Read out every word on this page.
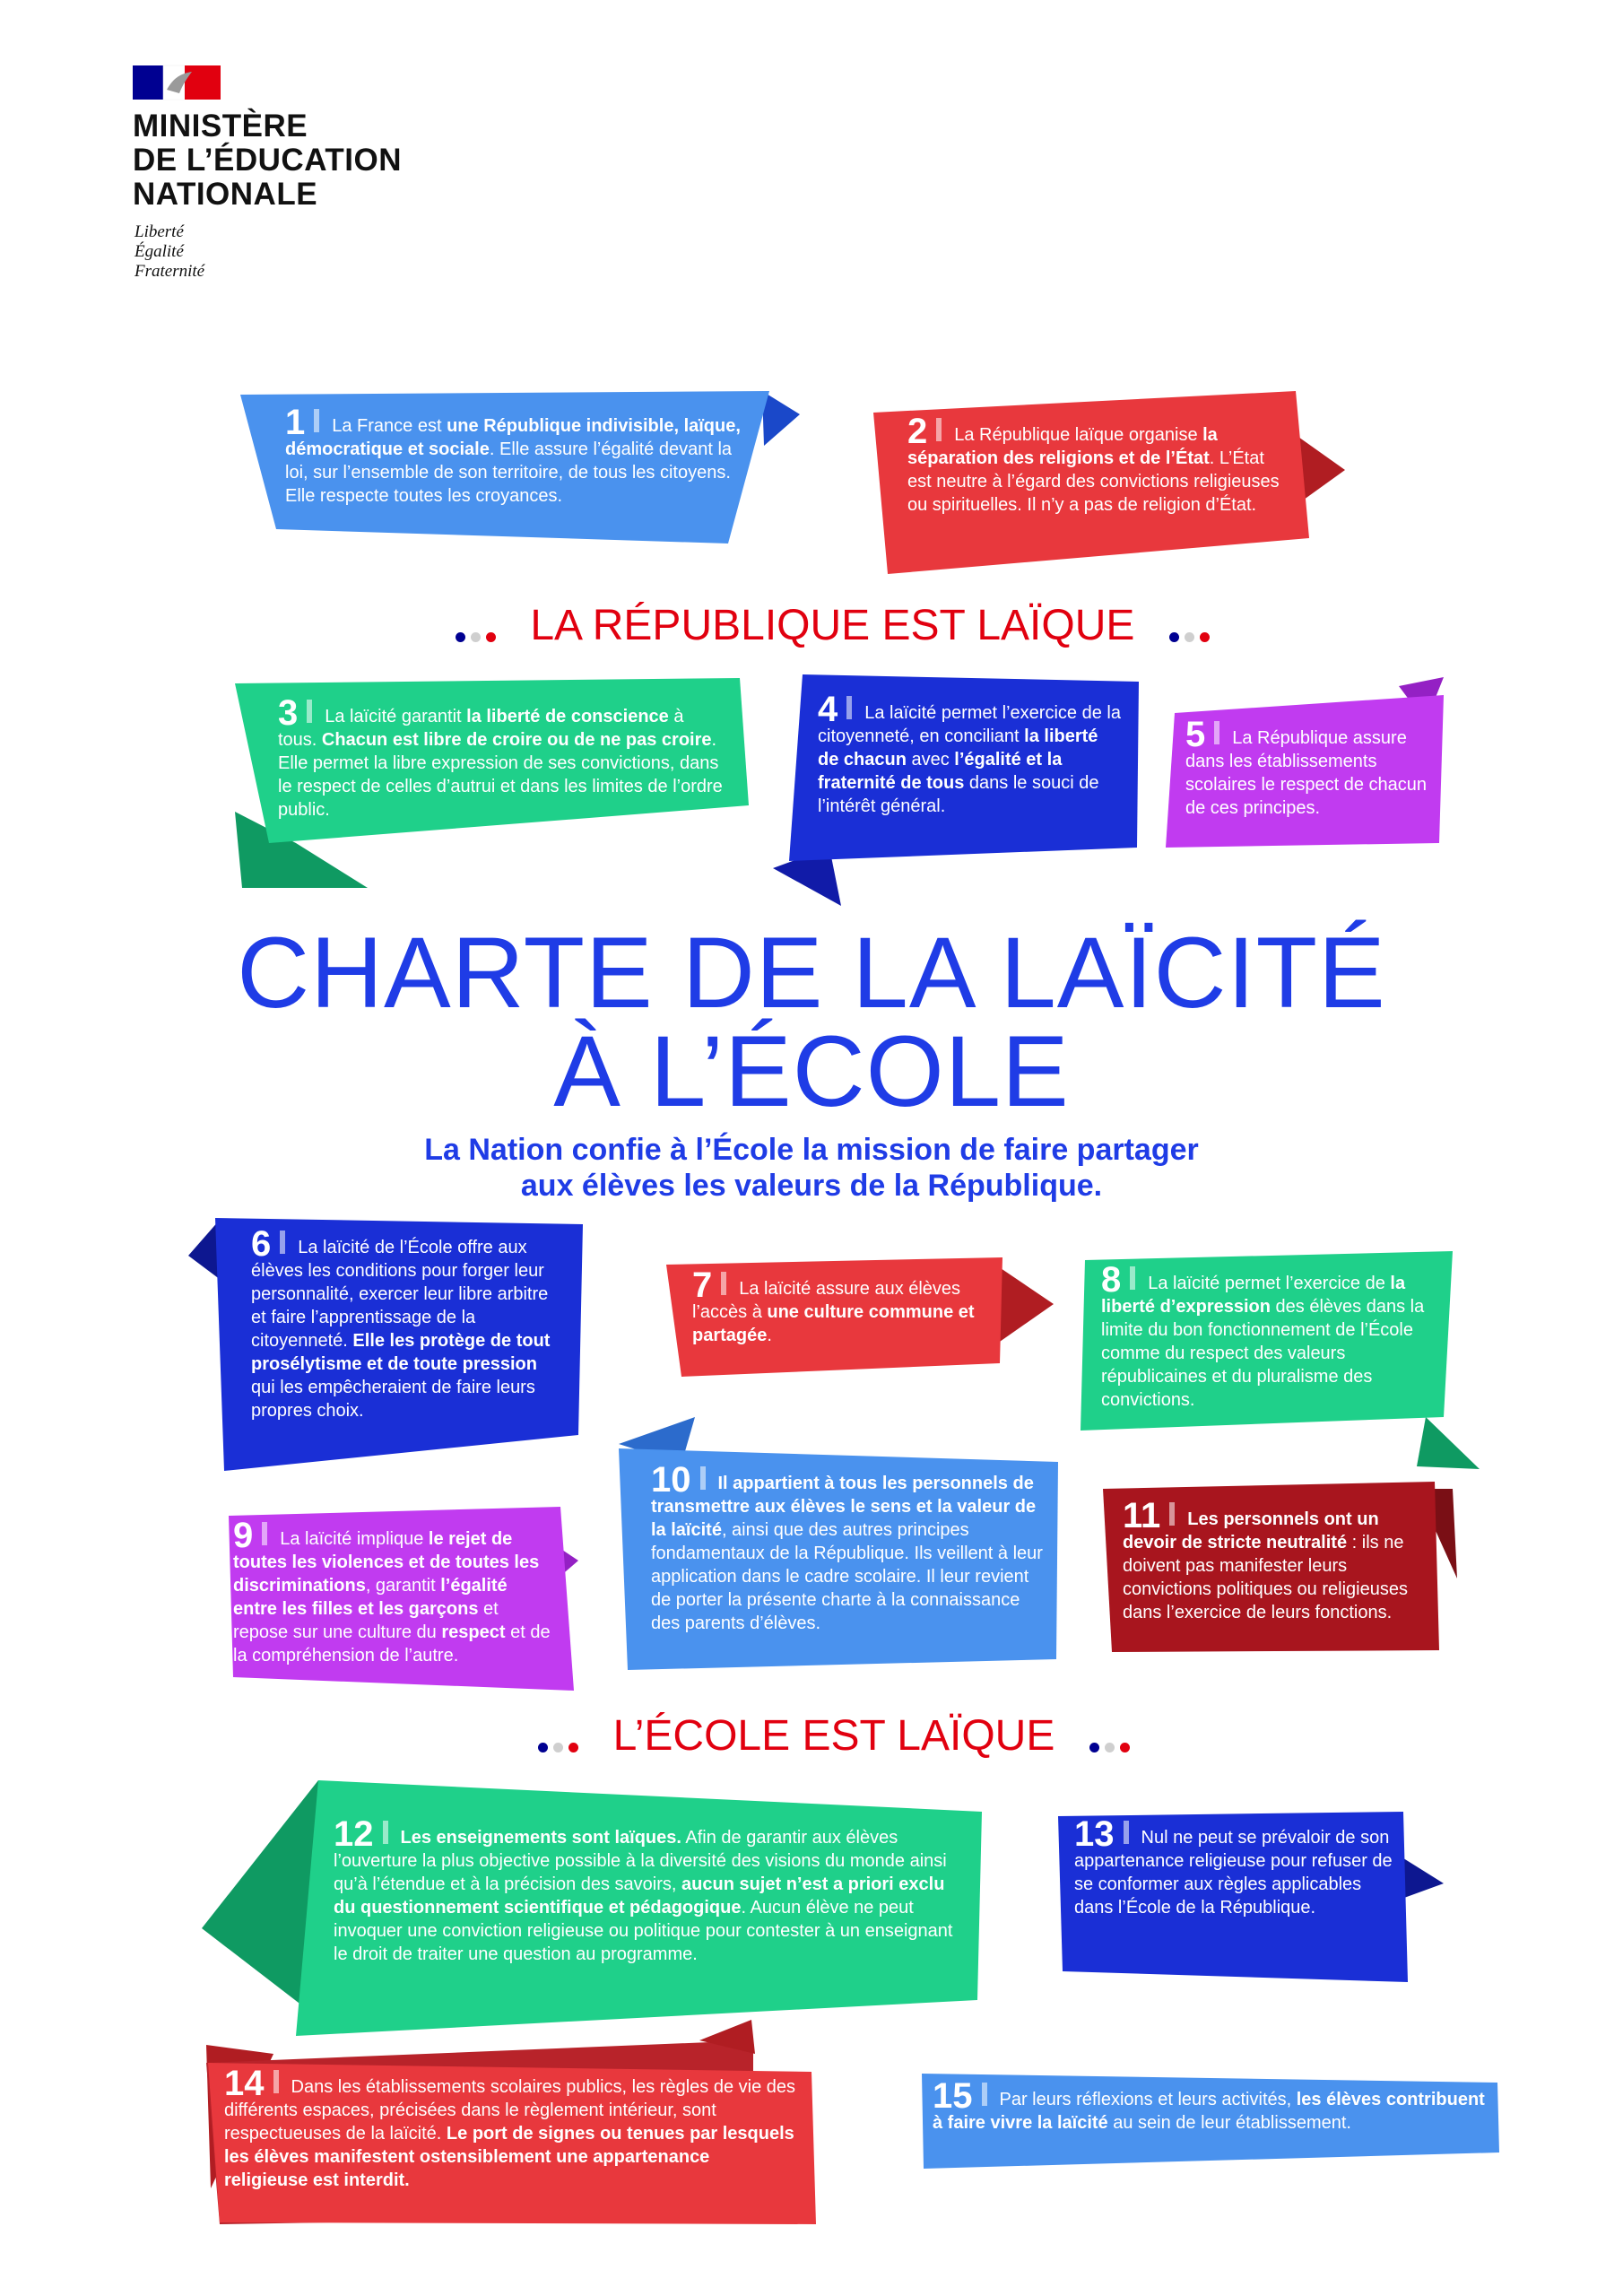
MINISTÈRE
DE L’ÉDUCATION
NATIONALE
Liberté
Égalité
Fraternité
LA RÉPUBLIQUE EST LAÏQUE
CHARTE DE LA LAÏCITÉ
À L’ÉCOLE
La Nation confie à l’École la mission de faire partager
aux élèves les valeurs de la République.
L’ÉCOLE EST LAÏQUE
1 La France est une République indivisible, laïque, démocratique et sociale. Elle assure l’égalité devant la loi, sur l’ensemble de son territoire, de tous les citoyens. Elle respecte toutes les croyances.
2 La République laïque organise la séparation des religions et de l’État. L’État est neutre à l’égard des convictions religieuses ou spirituelles. Il n’y a pas de religion d’État.
3 La laïcité garantit la liberté de conscience à tous. Chacun est libre de croire ou de ne pas croire. Elle permet la libre expression de ses convictions, dans le respect de celles d’autrui et dans les limites de l’ordre public.
4 La laïcité permet l’exercice de la citoyenneté, en conciliant la liberté de chacun avec l’égalité et la fraternité de tous dans le souci de l’intérêt général.
5 La République assure dans les établissements scolaires le respect de chacun de ces principes.
6 La laïcité de l’École offre aux élèves les conditions pour forger leur personnalité, exercer leur libre arbitre et faire l’apprentissage de la citoyenneté. Elle les protège de tout prosélytisme et de toute pression qui les empêcheraient de faire leurs propres choix.
7 La laïcité assure aux élèves l’accès à une culture commune et partagée.
8 La laïcité permet l’exercice de la liberté d’expression des élèves dans la limite du bon fonctionnement de l’École comme du respect des valeurs républicaines et du pluralisme des convictions.
9 La laïcité implique le rejet de toutes les violences et de toutes les discriminations, garantit l’égalité entre les filles et les garçons et repose sur une culture du respect et de la compréhension de l’autre.
10 Il appartient à tous les personnels de transmettre aux élèves le sens et la valeur de la laïcité, ainsi que des autres principes fondamentaux de la République. Ils veillent à leur application dans le cadre scolaire. Il leur revient de porter la présente charte à la connaissance des parents d’élèves.
11 Les personnels ont un devoir de stricte neutralité : ils ne doivent pas manifester leurs convictions politiques ou religieuses dans l’exercice de leurs fonctions.
12 Les enseignements sont laïques. Afin de garantir aux élèves l’ouverture la plus objective possible à la diversité des visions du monde ainsi qu’à l’étendue et à la précision des savoirs, aucun sujet n’est a priori exclu du questionnement scientifique et pédagogique. Aucun élève ne peut invoquer une conviction religieuse ou politique pour contester à un enseignant le droit de traiter une question au programme.
13 Nul ne peut se prévaloir de son appartenance religieuse pour refuser de se conformer aux règles applicables dans l’École de la République.
14 Dans les établissements scolaires publics, les règles de vie des différents espaces, précisées dans le règlement intérieur, sont respectueuses de la laïcité. Le port de signes ou tenues par lesquels les élèves manifestent ostensiblement une appartenance religieuse est interdit.
15 Par leurs réflexions et leurs activités, les élèves contribuent à faire vivre la laïcité au sein de leur établissement.
